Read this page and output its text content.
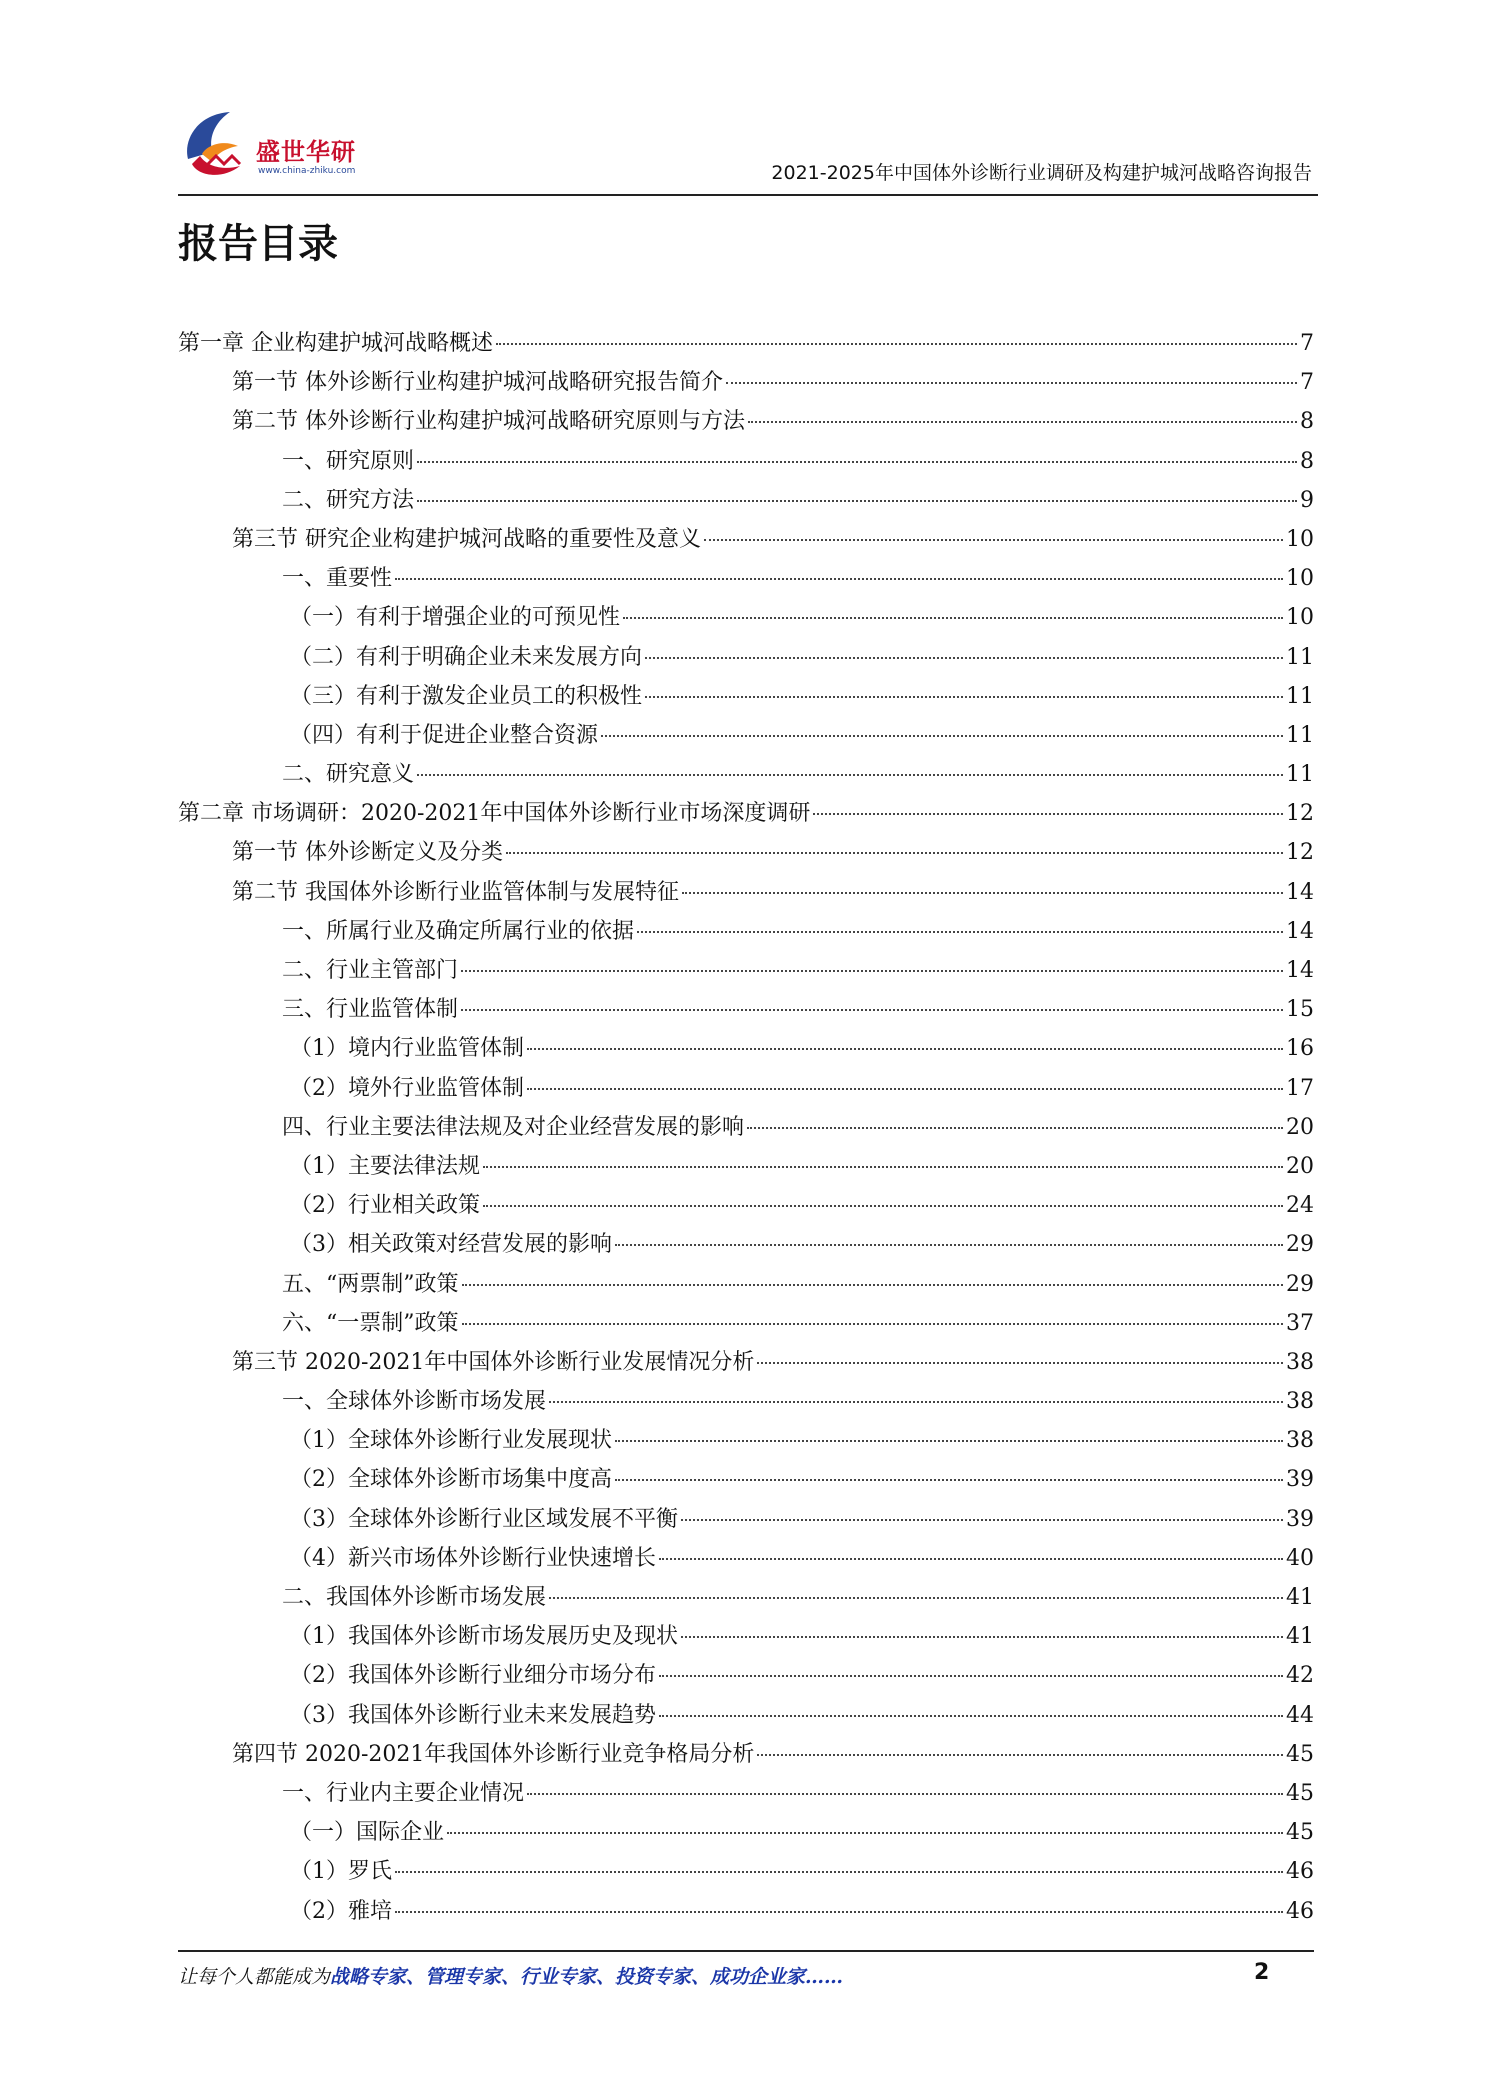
盛世华研
www.china-zhiku.com	2021-2025年中国体外诊断行业调研及构建护城河战略咨询报告
报告目录
第一章 企业构建护城河战略概述	7
第一节 体外诊断行业构建护城河战略研究报告简介	7
第二节 体外诊断行业构建护城河战略研究原则与方法	8
一、研究原则	8
二、研究方法	9
第三节 研究企业构建护城河战略的重要性及意义	10
一、重要性	10
（一）有利于增强企业的可预见性	10
（二）有利于明确企业未来发展方向	11
（三）有利于激发企业员工的积极性	11
（四）有利于促进企业整合资源	11
二、研究意义	11
第二章 市场调研：2020-2021年中国体外诊断行业市场深度调研	12
第一节 体外诊断定义及分类	12
第二节 我国体外诊断行业监管体制与发展特征	14
一、所属行业及确定所属行业的依据	14
二、行业主管部门	14
三、行业监管体制	15
（1）境内行业监管体制	16
（2）境外行业监管体制	17
四、行业主要法律法规及对企业经营发展的影响	20
（1）主要法律法规	20
（2）行业相关政策	24
（3）相关政策对经营发展的影响	29
五、“两票制”政策	29
六、“一票制”政策	37
第三节 2020-2021年中国体外诊断行业发展情况分析	38
一、全球体外诊断市场发展	38
（1）全球体外诊断行业发展现状	38
（2）全球体外诊断市场集中度高	39
（3）全球体外诊断行业区域发展不平衡	39
（4）新兴市场体外诊断行业快速增长	40
二、我国体外诊断市场发展	41
（1）我国体外诊断市场发展历史及现状	41
（2）我国体外诊断行业细分市场分布	42
（3）我国体外诊断行业未来发展趋势	44
第四节 2020-2021年我国体外诊断行业竞争格局分析	45
一、行业内主要企业情况	45
（一）国际企业	45
（1）罗氏	46
（2）雅培	46
让每个人都能成为战略专家、管理专家、行业专家、投资专家、成功企业家……	2
